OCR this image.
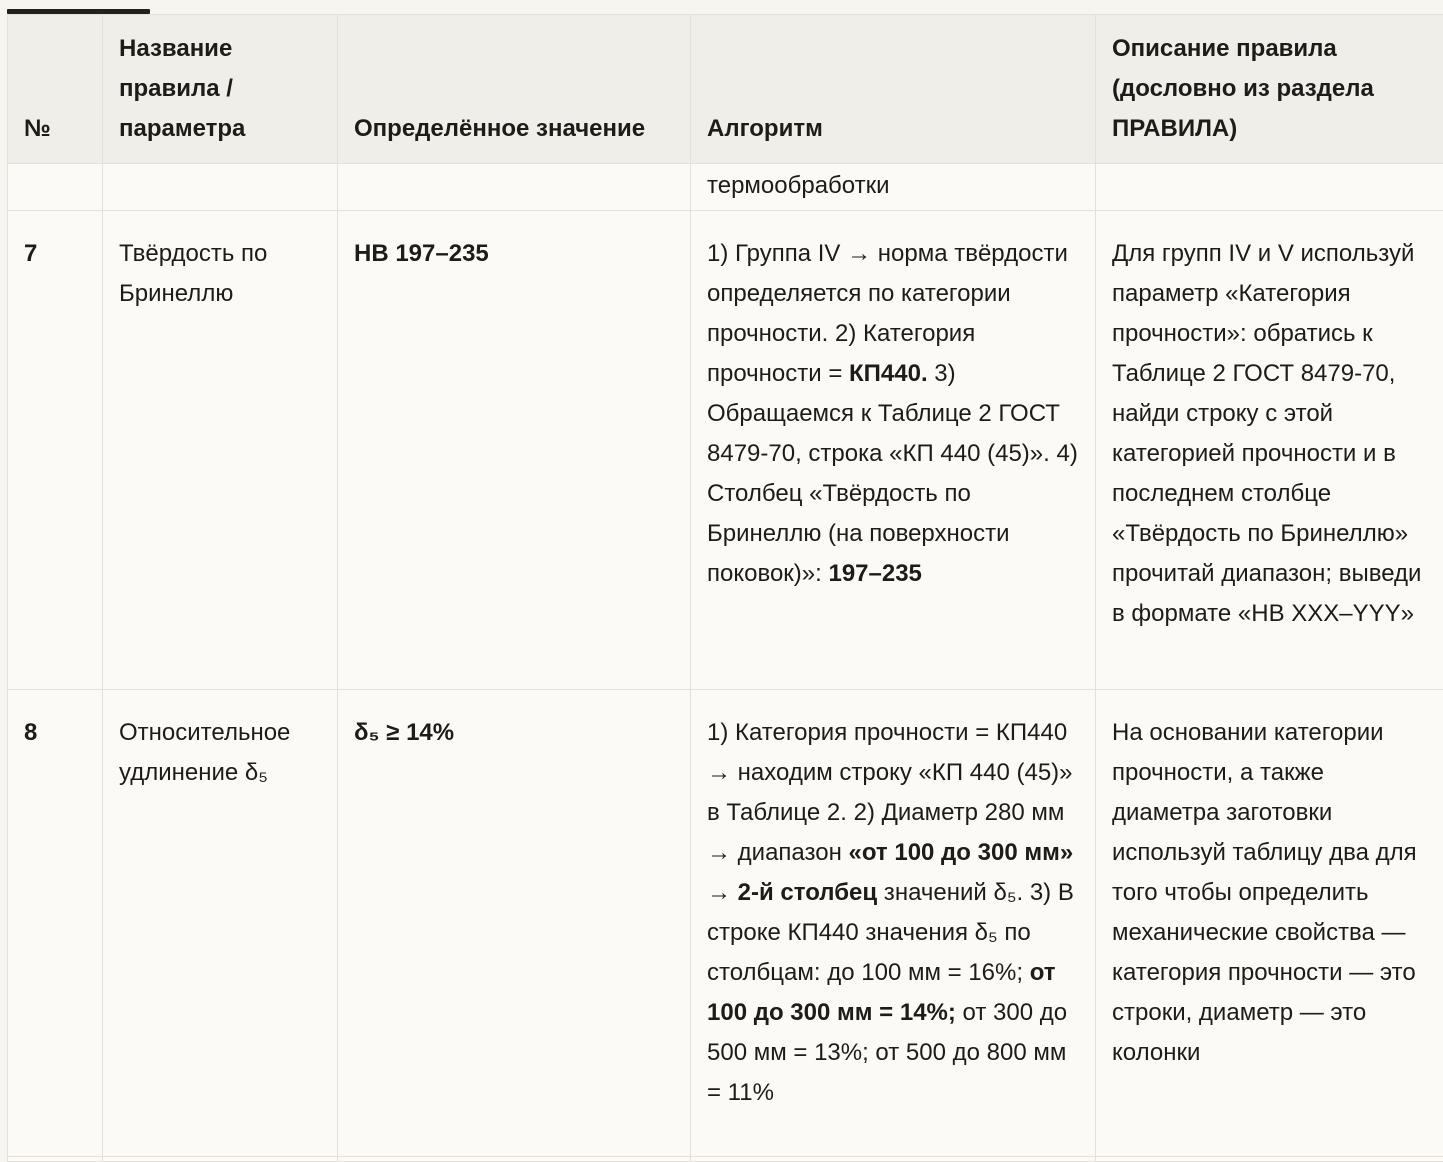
№	Название правила / параметра	Определённое значение	Алгоритм	Описание правила (дословно из раздела ПРАВИЛА)
			термообработки	
7	Твёрдость по Бринеллю	НВ 197–235	1) Группа IV → норма твёрдости определяется по категории прочности. 2) Категория прочности = КП440. 3) Обращаемся к Таблице 2 ГОСТ 8479-70, строка «КП 440 (45)». 4) Столбец «Твёрдость по Бринеллю (на поверхности поковок)»: 197–235	Для групп IV и V используй параметр «Категория прочности»: обратись к Таблице 2 ГОСТ 8479-70, найди строку с этой категорией прочности и в последнем столбце «Твёрдость по Бринеллю» прочитай диапазон; выведи в формате «НВ XXX–YYY»
8	Относительное удлинение δ₅	δ₅ ≥ 14%	1) Категория прочности = КП440 → находим строку «КП 440 (45)» в Таблице 2. 2) Диаметр 280 мм → диапазон «от 100 до 300 мм» → 2-й столбец значений δ₅. 3) В строке КП440 значения δ₅ по столбцам: до 100 мм = 16%; от 100 до 300 мм = 14%; от 300 до 500 мм = 13%; от 500 до 800 мм = 11%	На основании категории прочности, а также диаметра заготовки используй таблицу два для того чтобы определить механические свойства — категория прочности — это строки, диаметр — это колонки
